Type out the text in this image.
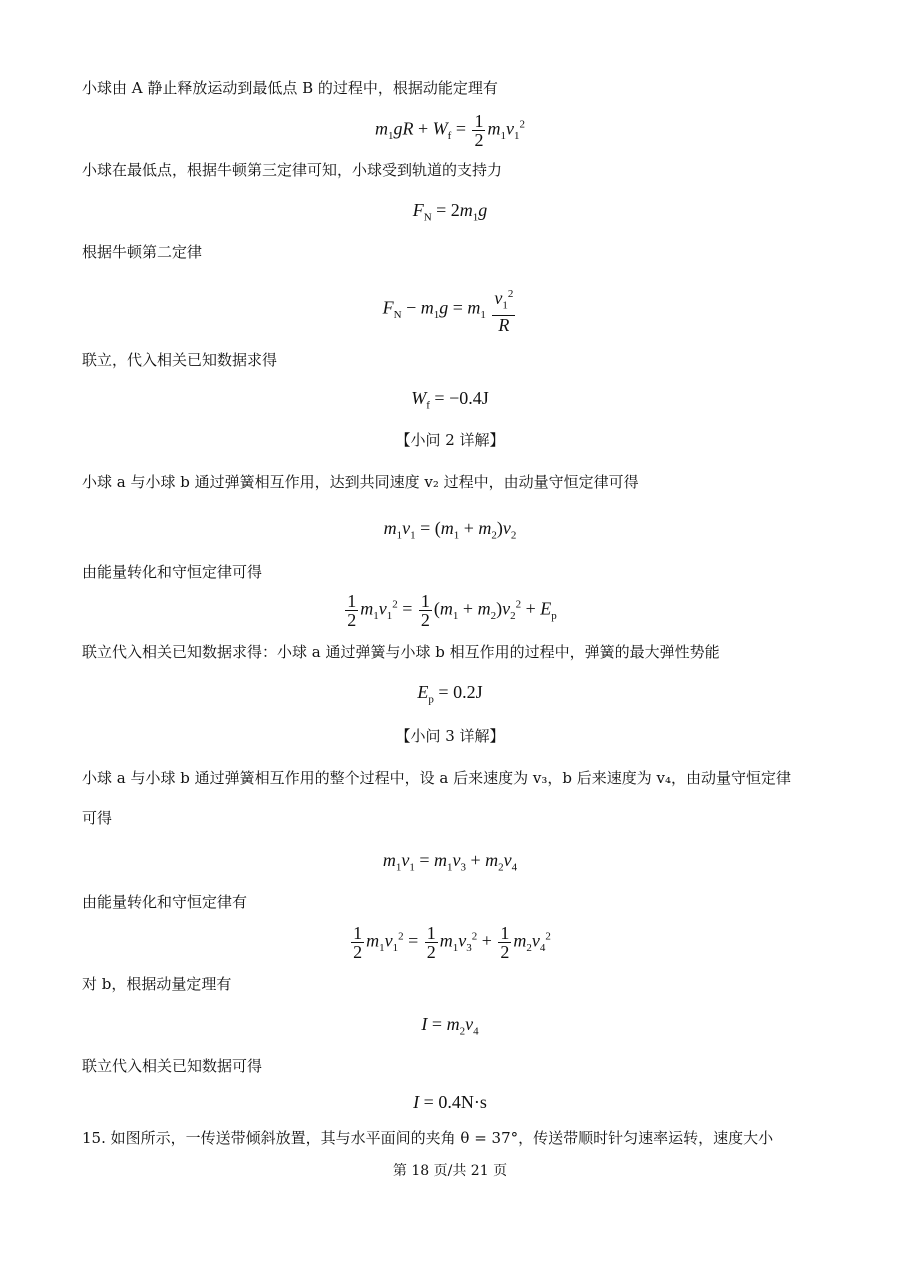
小球由 A 静止释放运动到最低点 B 的过程中，根据动能定理有
$m_1gR + W_f = \frac{1}{2} m_1v_1^2$
小球在最低点，根据牛顿第三定律可知，小球受到轨道的支持力
$F_N = 2m_1g$
根据牛顿第二定律
$F_N - m_1g = m_1 \frac{v_1^2}{R}$
联立，代入相关已知数据求得
$W_f = -0.4J$
【小问 2 详解】
小球 a 与小球 b 通过弹簧相互作用，达到共同速度 v₂ 过程中，由动量守恒定律可得
$m_1v_1 = (m_1 + m_2)v_2$
由能量转化和守恒定律可得
$\frac{1}{2} m_1v_1^2 = \frac{1}{2} (m_1 + m_2)v_2^2 + E_p$
联立代入相关已知数据求得：小球 a 通过弹簧与小球 b 相互作用的过程中，弹簧的最大弹性势能
$E_p = 0.2J$
【小问 3 详解】
小球 a 与小球 b 通过弹簧相互作用的整个过程中，设 a 后来速度为 v₃，b 后来速度为 v₄，由动量守恒定律
可得
$m_1v_1 = m_1v_3 + m_2v_4$
由能量转化和守恒定律有
$\frac{1}{2} m_1v_1^2 = \frac{1}{2} m_1v_3^2 + \frac{1}{2} m_2v_4^2$
对 b，根据动量定理有
$I = m_2v_4$
联立代入相关已知数据可得
I = 0.4N·s
15. 如图所示，一传送带倾斜放置，其与水平面间的夹角 θ = 37°，传送带顺时针匀速率运转，速度大小
第 18 页/共 21 页
